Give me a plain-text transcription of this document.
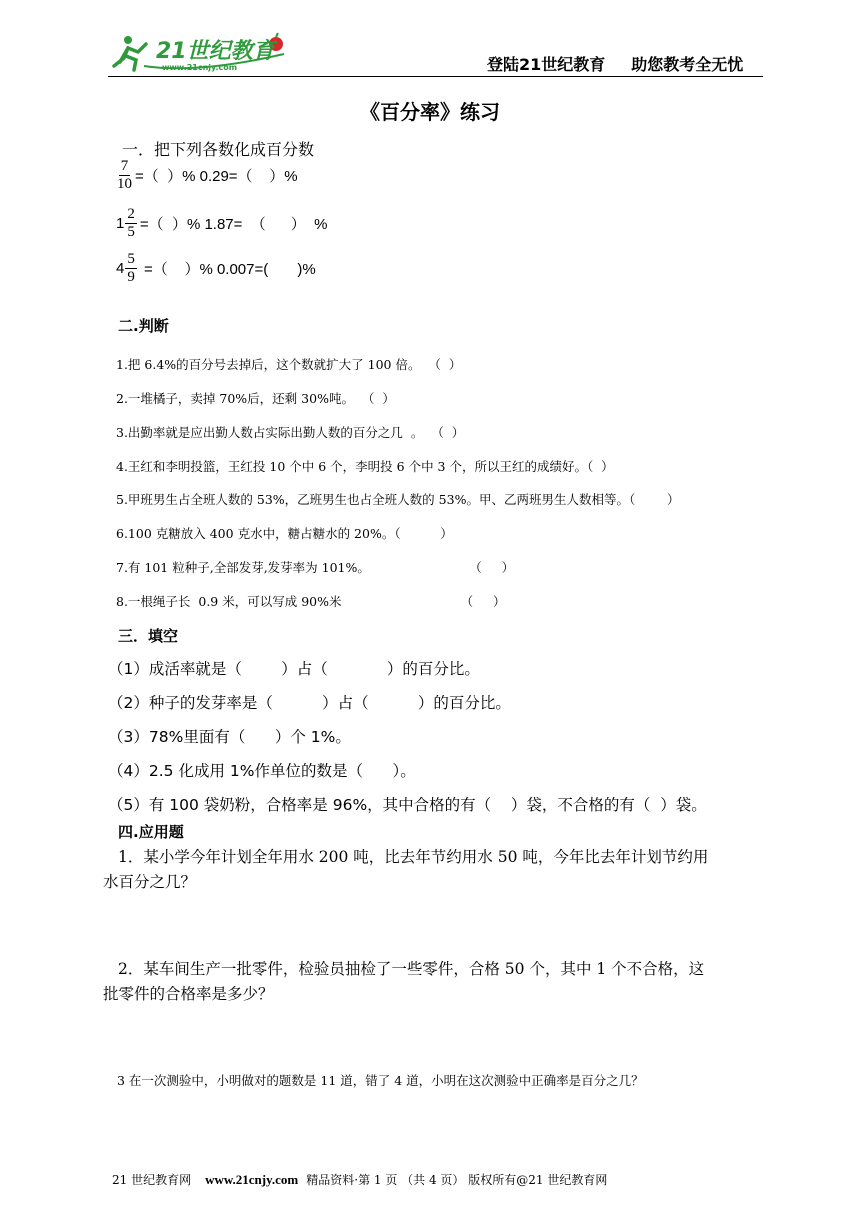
21世纪教育
www.21cnjy.com	登陆21世纪教育 助您教考全无忧
《百分率》练习
一．把下列各数化成百分数
$\frac{7}{10}$ =（  ）% 0.29=（    ）%
$1 \frac{2}{5}$ =（  ）% 1.87=  （      ）  %
$4 \frac{5}{9}$ =（    ）% 0.007=(       )%
二.判断
1.把 6.4%的百分号去掉后，这个数就扩大了 100 倍。  （  ）
2.一堆橘子，卖掉 70%后，还剩 30%吨。  （  ）
3.出勤率就是应出勤人数占实际出勤人数的百分之几  。  （  ）
4.王红和李明投篮，王红投 10 个中 6 个，李明投 6 个中 3 个，所以王红的成绩好。（  ）
5.甲班男生占全班人数的 53%，乙班男生也占全班人数的 53%。甲、乙两班男生人数相等。（        ）
6.100 克糖放入 400 克水中，糖占糖水的 20%。（          ）
7.有 101 粒种子,全部发芽,发芽率为 101%。                         （     ）
8.一根绳子长  0.9 米，可以写成 90%米                              （     ）
三．填空
（1）成活率就是（        ）占（            ）的百分比。
（2）种子的发芽率是（          ）占（          ）的百分比。
（3）78%里面有（      ）个 1%。
（4）2.5 化成用 1%作单位的数是（      ）。
（5）有 100 袋奶粉，合格率是 96%，其中合格的有（    ）袋，不合格的有（  ）袋。
四.应用题
1．某小学今年计划全年用水 200 吨，比去年节约用水 50 吨，今年比去年计划节约用
水百分之几？
2．某车间生产一批零件，检验员抽检了一些零件，合格 50 个，其中 1 个不合格，这
批零件的合格率是多少？
3 在一次测验中，小明做对的题数是 11 道，错了 4 道，小明在这次测验中正确率是百分之几？
21 世纪教育网 www.21cnjy.com 精品资料·第 1 页 （共 4 页） 版权所有@21 世纪教育网
